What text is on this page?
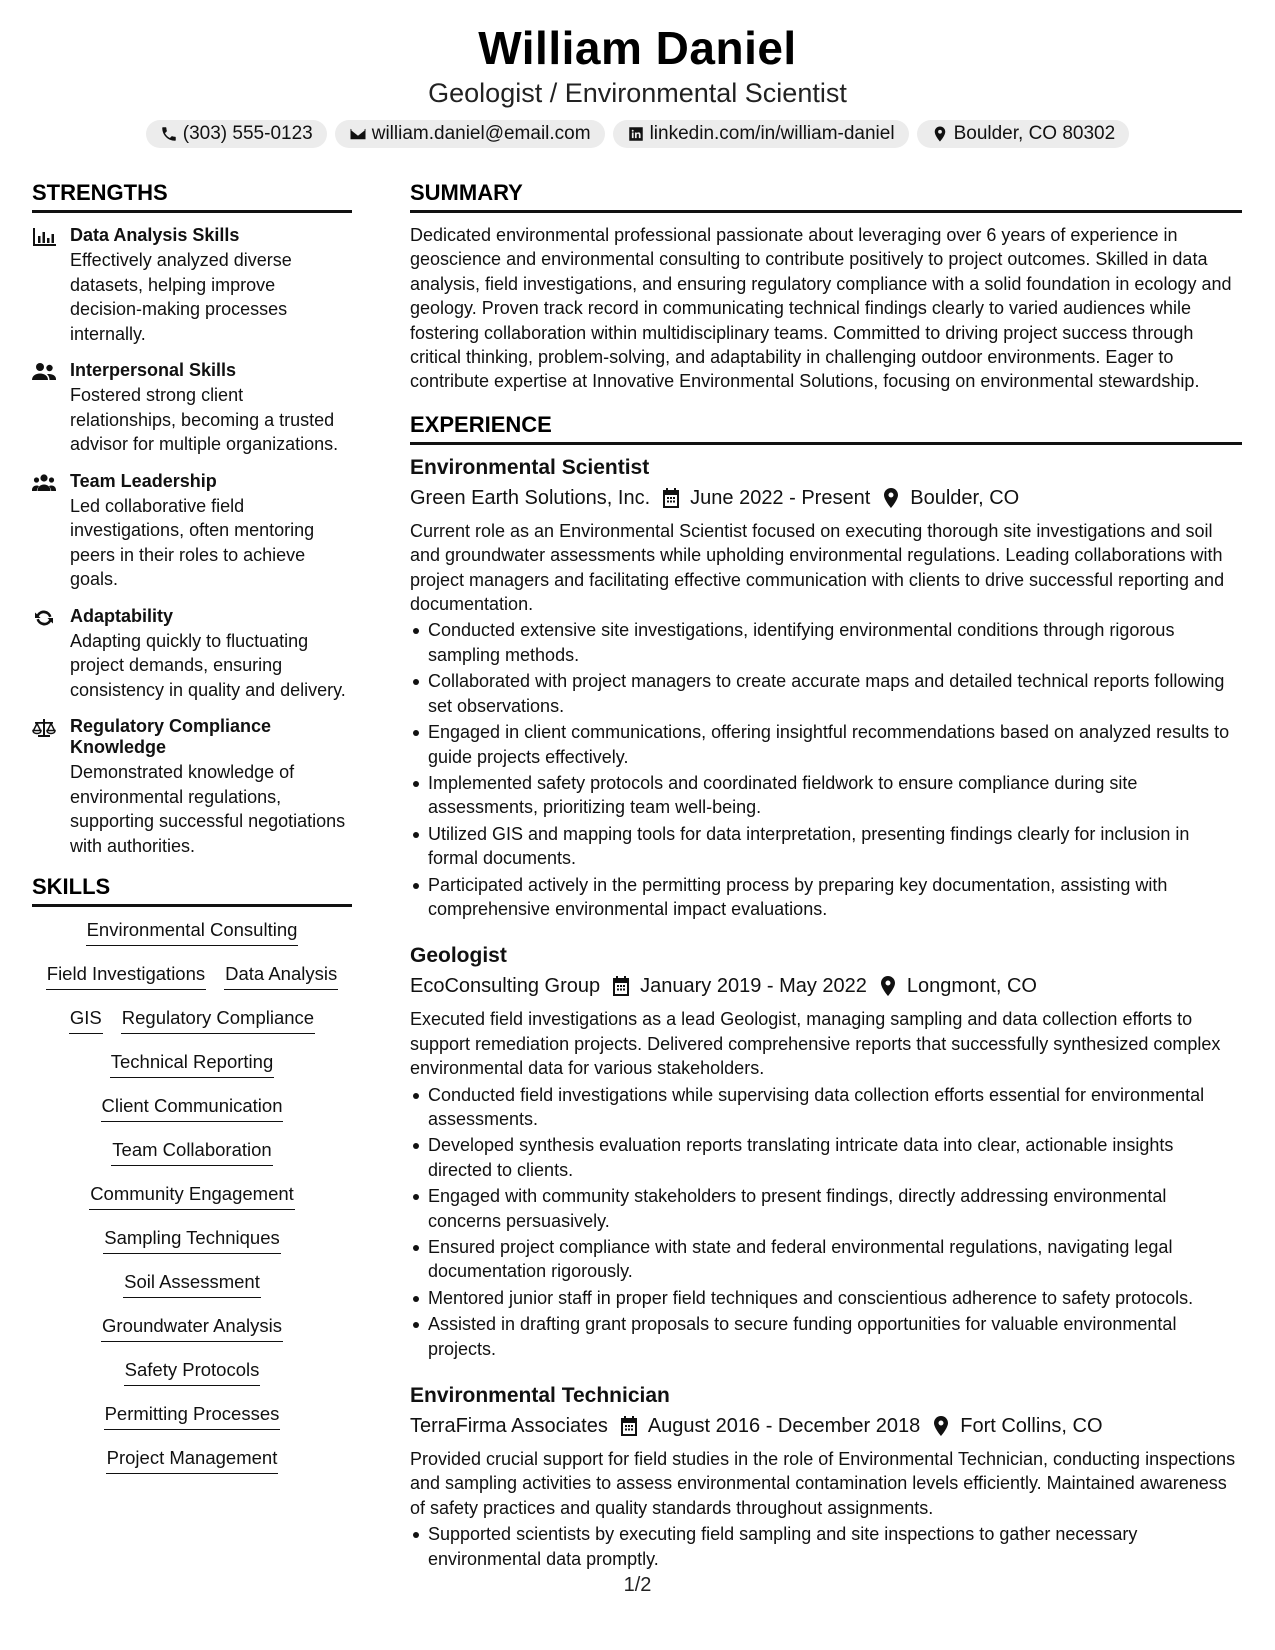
William Daniel
Geologist / Environmental Scientist
(303) 555-0123	william.daniel@email.com	linkedin.com/in/william-daniel	Boulder, CO 80302
STRENGTHS
Data Analysis Skills
Effectively analyzed diverse datasets, helping improve decision-making processes internally.
Interpersonal Skills
Fostered strong client relationships, becoming a trusted advisor for multiple organizations.
Team Leadership
Led collaborative field investigations, often mentoring peers in their roles to achieve goals.
Adaptability
Adapting quickly to fluctuating project demands, ensuring consistency in quality and delivery.
Regulatory Compliance Knowledge
Demonstrated knowledge of environmental regulations, supporting successful negotiations with authorities.
SKILLS
Environmental Consulting
Field Investigations Data Analysis
GIS Regulatory Compliance
Technical Reporting
Client Communication
Team Collaboration
Community Engagement
Sampling Techniques
Soil Assessment
Groundwater Analysis
Safety Protocols
Permitting Processes
Project Management
SUMMARY

Dedicated environmental professional passionate about leveraging over 6 years of experience in geoscience and environmental consulting to contribute positively to project outcomes. Skilled in data analysis, field investigations, and ensuring regulatory compliance with a solid foundation in ecology and geology. Proven track record in communicating technical findings clearly to varied audiences while fostering collaboration within multidisciplinary teams. Committed to driving project success through critical thinking, problem-solving, and adaptability in challenging outdoor environments. Eager to contribute expertise at Innovative Environmental Solutions, focusing on environmental stewardship.

EXPERIENCE
Environmental Scientist
Green Earth Solutions, Inc. June 2022 - Present Boulder, CO

Current role as an Environmental Scientist focused on executing thorough site investigations and soil and groundwater assessments while upholding environmental regulations. Leading collaborations with project managers and facilitating effective communication with clients to drive successful reporting and documentation.

Conducted extensive site investigations, identifying environmental conditions through rigorous sampling methods.
Collaborated with project managers to create accurate maps and detailed technical reports following set observations.
Engaged in client communications, offering insightful recommendations based on analyzed results to guide projects effectively.
Implemented safety protocols and coordinated fieldwork to ensure compliance during site assessments, prioritizing team well-being.
Utilized GIS and mapping tools for data interpretation, presenting findings clearly for inclusion in formal documents.
Participated actively in the permitting process by preparing key documentation, assisting with comprehensive environmental impact evaluations.
Geologist
EcoConsulting Group January 2019 - May 2022 Longmont, CO

Executed field investigations as a lead Geologist, managing sampling and data collection efforts to support remediation projects. Delivered comprehensive reports that successfully synthesized complex environmental data for various stakeholders.

Conducted field investigations while supervising data collection efforts essential for environmental assessments.
Developed synthesis evaluation reports translating intricate data into clear, actionable insights directed to clients.
Engaged with community stakeholders to present findings, directly addressing environmental concerns persuasively.
Ensured project compliance with state and federal environmental regulations, navigating legal documentation rigorously.
Mentored junior staff in proper field techniques and conscientious adherence to safety protocols.
Assisted in drafting grant proposals to secure funding opportunities for valuable environmental projects.
Environmental Technician
TerraFirma Associates August 2016 - December 2018 Fort Collins, CO

Provided crucial support for field studies in the role of Environmental Technician, conducting inspections and sampling activities to assess environmental contamination levels efficiently. Maintained awareness of safety practices and quality standards throughout assignments.

Supported scientists by executing field sampling and site inspections to gather necessary environmental data promptly.
1/2
